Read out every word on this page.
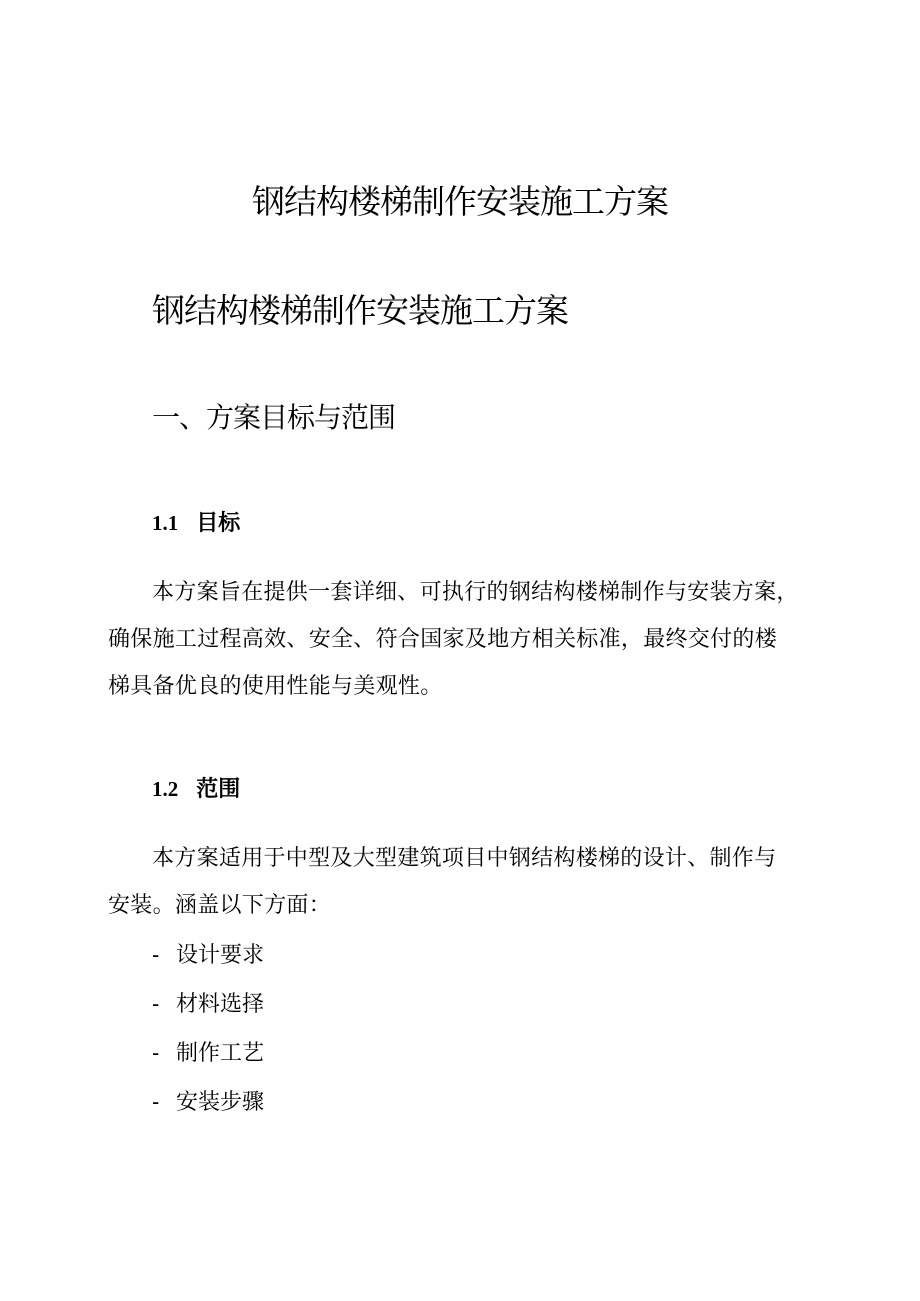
钢结构楼梯制作安装施工方案
钢结构楼梯制作安装施工方案
一、方案目标与范围
1.1 目标

本方案旨在提供一套详细、可执行的钢结构楼梯制作与安装方案，
确保施工过程高效、安全、符合国家及地方相关标准，最终交付的楼
梯具备优良的使用性能与美观性。

1.2 范围

本方案适用于中型及大型建筑项目中钢结构楼梯的设计、制作与
安装。涵盖以下方面：

- 设计要求
- 材料选择
- 制作工艺
- 安装步骤
